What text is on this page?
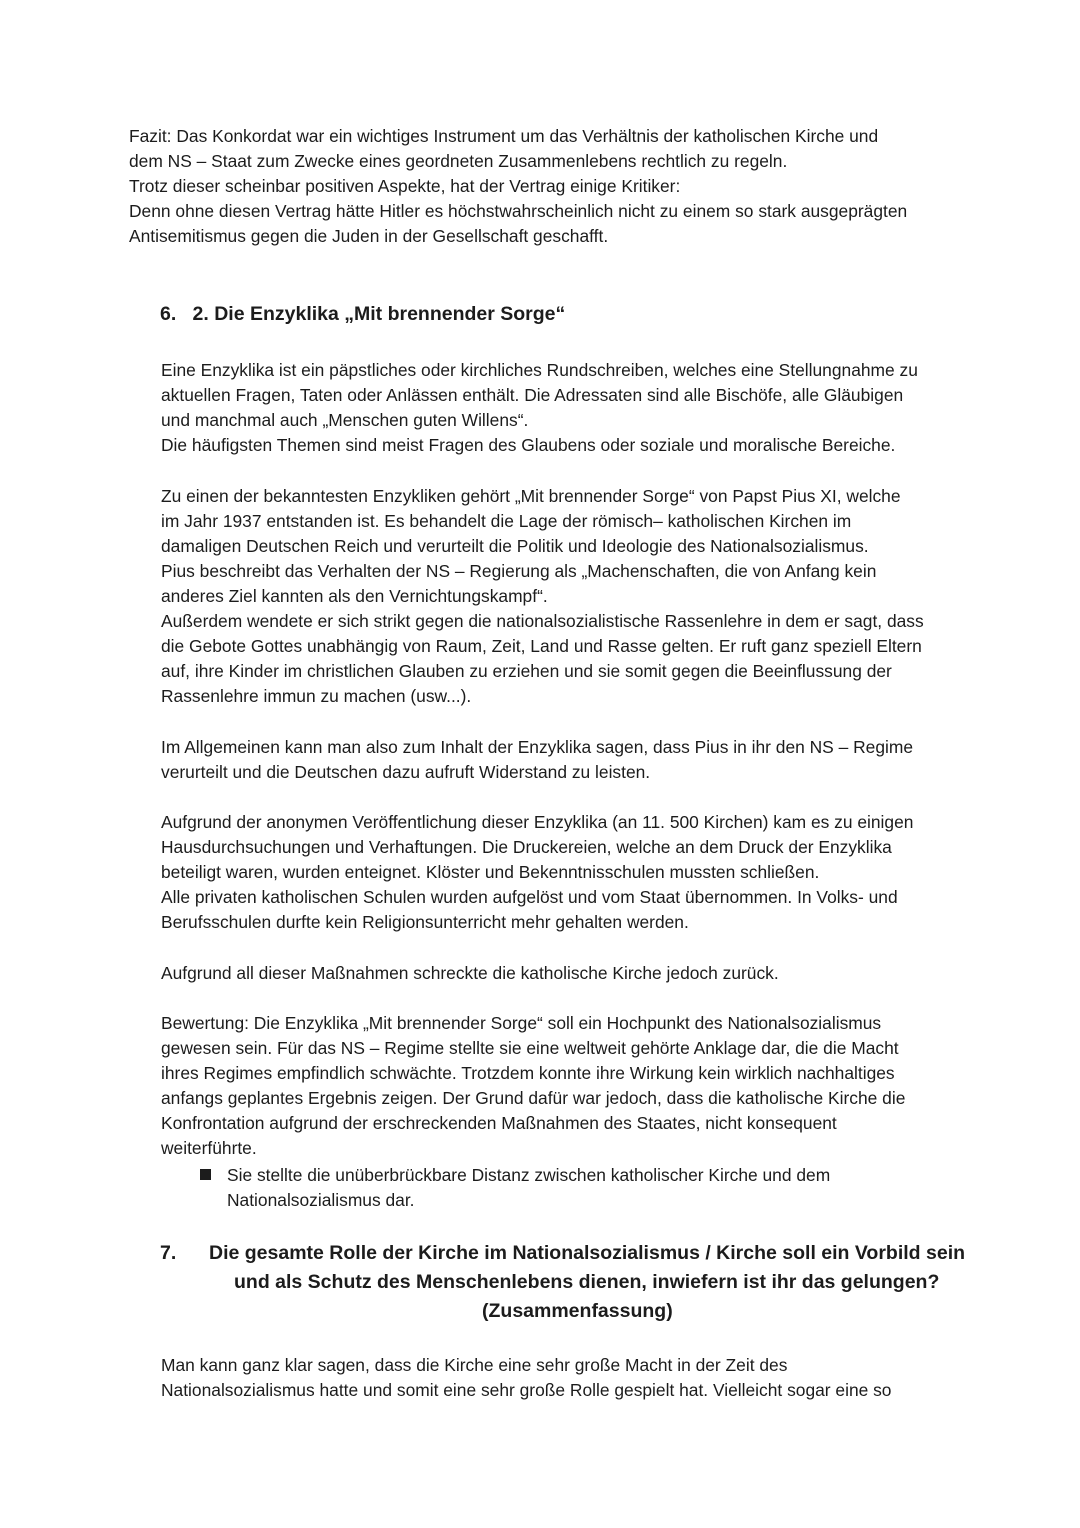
Fazit: Das Konkordat war ein wichtiges Instrument um das Verhältnis der katholischen Kirche und

dem NS – Staat zum Zwecke eines geordneten Zusammenlebens rechtlich zu regeln.

Trotz dieser scheinbar positiven Aspekte, hat der Vertrag einige Kritiker:

Denn ohne diesen Vertrag hätte Hitler es höchstwahrscheinlich nicht zu einem so stark ausgeprägten

Antisemitismus gegen die Juden in der Gesellschaft geschafft.

6.   2. Die Enzyklika „Mit brennender Sorge“

Eine Enzyklika ist ein päpstliches oder kirchliches Rundschreiben, welches eine Stellungnahme zu

aktuellen Fragen, Taten oder Anlässen enthält. Die Adressaten sind alle Bischöfe, alle Gläubigen

und manchmal auch „Menschen guten Willens“.

Die häufigsten Themen sind meist Fragen des Glaubens oder soziale und moralische Bereiche.

Zu einen der bekanntesten Enzykliken gehört „Mit brennender Sorge“ von Papst Pius XI, welche

im Jahr 1937 entstanden ist. Es behandelt die Lage der römisch– katholischen Kirchen im

damaligen Deutschen Reich und verurteilt die Politik und Ideologie des Nationalsozialismus.

Pius beschreibt das Verhalten der NS – Regierung als „Machenschaften, die von Anfang kein

anderes Ziel kannten als den Vernichtungskampf“.

Außerdem wendete er sich strikt gegen die nationalsozialistische Rassenlehre in dem er sagt, dass

die Gebote Gottes unabhängig von Raum, Zeit, Land und Rasse gelten. Er ruft ganz speziell Eltern

auf, ihre Kinder im christlichen Glauben zu erziehen und sie somit gegen die Beeinflussung der

Rassenlehre immun zu machen (usw...).

Im Allgemeinen kann man also zum Inhalt der Enzyklika sagen, dass Pius in ihr den NS – Regime

verurteilt und die Deutschen dazu aufruft Widerstand zu leisten.

Aufgrund der anonymen Veröffentlichung dieser Enzyklika (an 11. 500 Kirchen) kam es zu einigen

Hausdurchsuchungen und Verhaftungen. Die Druckereien, welche an dem Druck der Enzyklika

beteiligt waren, wurden enteignet. Klöster und Bekenntnisschulen mussten schließen.

Alle privaten katholischen Schulen wurden aufgelöst und vom Staat übernommen. In Volks- und

Berufsschulen durfte kein Religionsunterricht mehr gehalten werden.

Aufgrund all dieser Maßnahmen schreckte die katholische Kirche jedoch zurück.

Bewertung: Die Enzyklika „Mit brennender Sorge“ soll ein Hochpunkt des Nationalsozialismus

gewesen sein. Für das NS – Regime stellte sie eine weltweit gehörte Anklage dar, die die Macht

ihres Regimes empfindlich schwächte. Trotzdem konnte ihre Wirkung kein wirklich nachhaltiges

anfangs geplantes Ergebnis zeigen. Der Grund dafür war jedoch, dass die katholische Kirche die

Konfrontation aufgrund der erschreckenden Maßnahmen des Staates, nicht konsequent

weiterführte.

Sie stellte die unüberbrückbare Distanz zwischen katholischer Kirche und dem

Nationalsozialismus dar.

7. Die gesamte Rolle der Kirche im Nationalsozialismus / Kirche soll ein Vorbild sein
und als Schutz des Menschenlebens dienen, inwiefern ist ihr das gelungen?
(Zusammenfassung)

Man kann ganz klar sagen, dass die Kirche eine sehr große Macht in der Zeit des

Nationalsozialismus hatte und somit eine sehr große Rolle gespielt hat. Vielleicht sogar eine so
